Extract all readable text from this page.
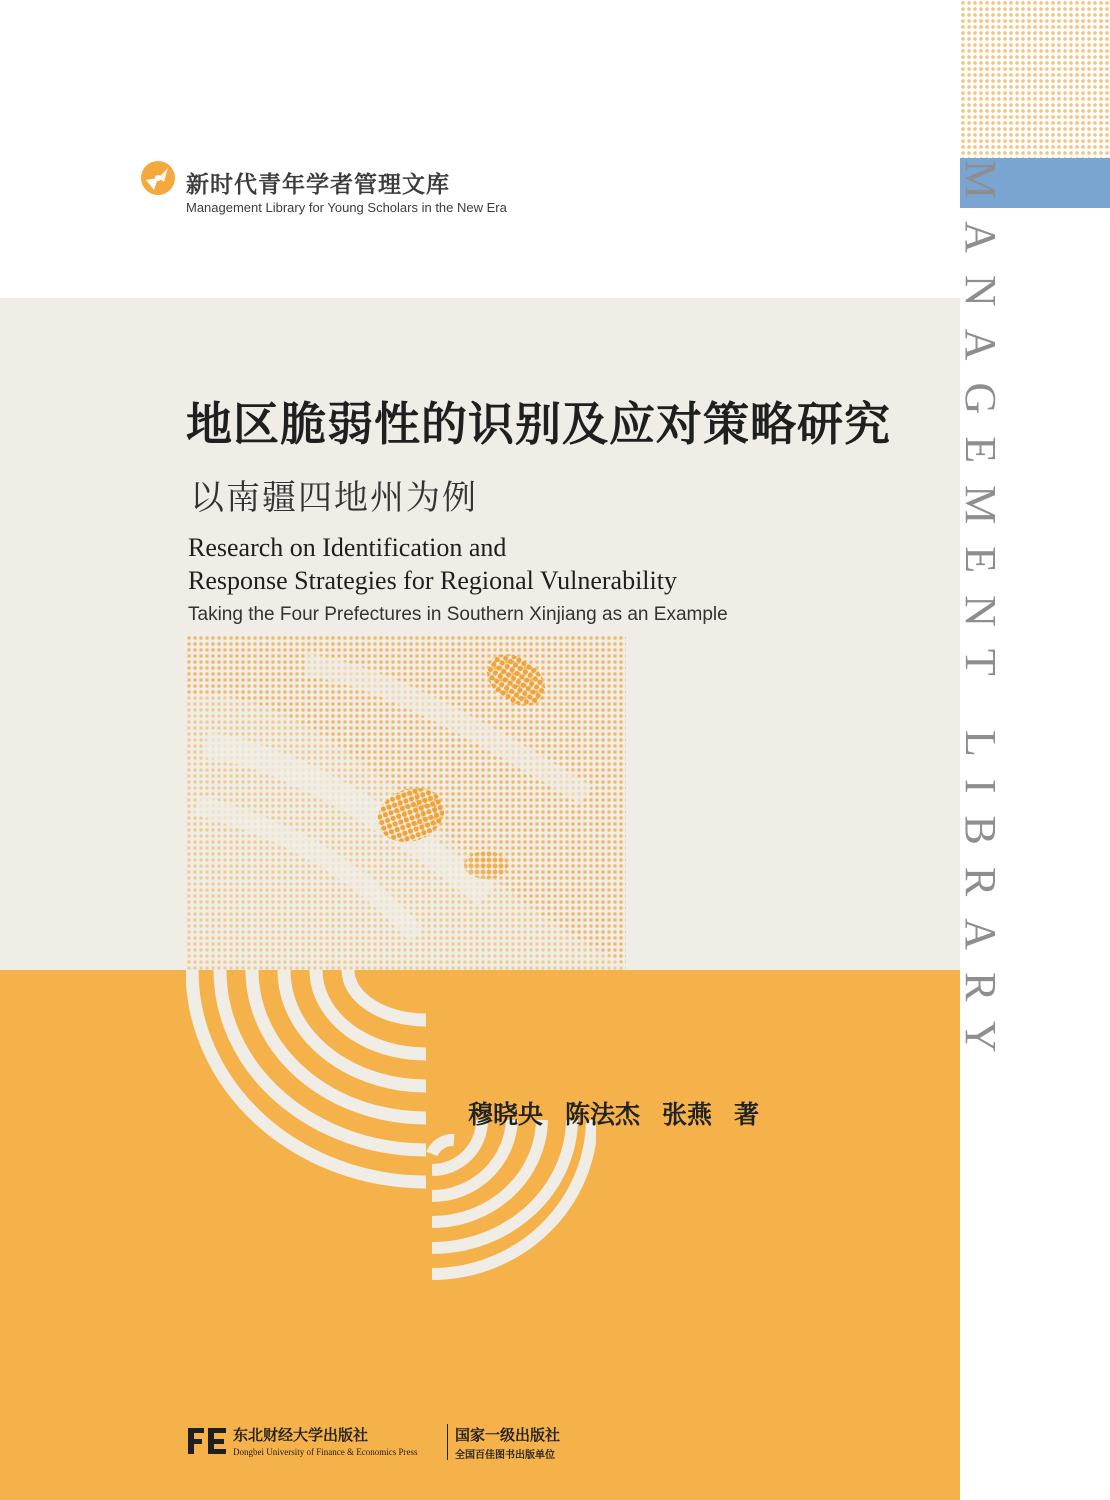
MANAGEMENT LIBRARY
新时代青年学者管理文库
Management Library for Young Scholars in the New Era
地区脆弱性的识别及应对策略研究
以南疆四地州为例
Research on Identification and
Response Strategies for Regional Vulnerability
Taking the Four Prefectures in Southern Xinjiang as an Example
穆晓央 陈法杰 张燕 著
东北财经大学出版社
Dongbei University of Finance & Economics Press
国家一级出版社
全国百佳图书出版单位
